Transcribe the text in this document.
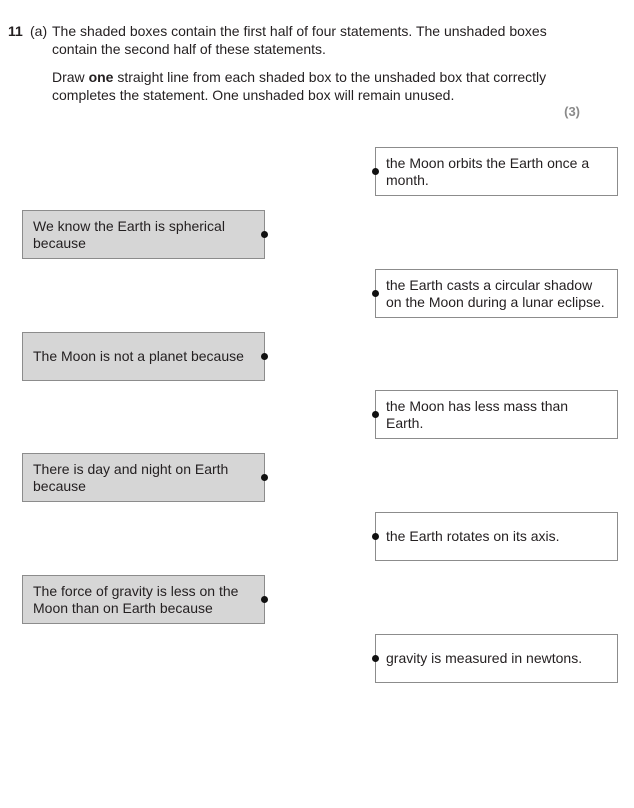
11 (a) The shaded boxes contain the first half of four statements. The unshaded boxes contain the second half of these statements.
Draw one straight line from each shaded box to the unshaded box that correctly completes the statement. One unshaded box will remain unused.
(3)
We know the Earth is spherical because
The Moon is not a planet because
There is day and night on Earth because
The force of gravity is less on the Moon than on Earth because
the Moon orbits the Earth once a month.
the Earth casts a circular shadow on the Moon during a lunar eclipse.
the Moon has less mass than Earth.
the Earth rotates on its axis.
gravity is measured in newtons.
